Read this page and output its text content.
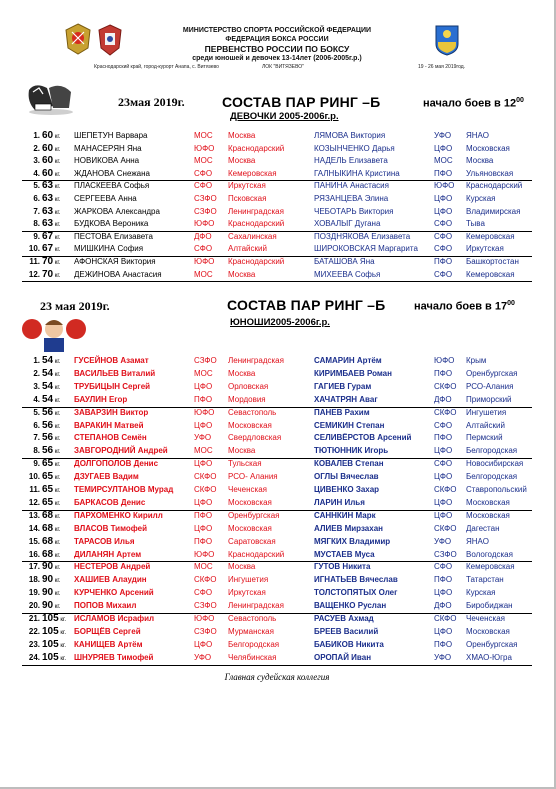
МИНИСТЕРСТВО СПОРТА РОССИЙСКОЙ ФЕДЕРАЦИИ
ФЕДЕРАЦИЯ БОКСА РОССИИ
ПЕРВЕНСТВО РОССИИ ПО БОКСУ
среди юношей и девочек 13-14лет (2006-2005г.р.)
Краснодарский край, город-курорт Анапа, с. Витязево	ЛОК "ВИТЯЗЕВО"	19 - 26 мая 2019год.
23мая 2019г.	СОСТАВ ПАР РИНГ –Б
ДЕВОЧКИ 2005-2006г.р.
начало боев в $12^{00}$
1. 60 кг. ШЕПЕТУН Варвара	МОС Москва	ЛЯМОВА Виктория	УФО ЯНАО
2. 60 кг. МАНАСЕРЯН Яна	ЮФО Краснодарский	КОЗЫНЧЕНКО Дарья	ЦФО Московская
3. 60 кг. НОВИКОВА Анна	МОС Москва	НАДЕЛЬ Елизавета	МОС Москва
4. 60 кг. ЖДАНОВА Снежана	СФО Кемеровская	ГАЛНЫКИНА Кристина	ПФО Ульяновская
5. 63 кг. ПЛАСКЕЕВА Софья	СФО Иркутская	ПАНИНА Анастасия	ЮФО Краснодарский
6. 63 кг. СЕРГЕЕВА Анна	СЗФО Псковская	РЯЗАНЦЕВА Элина	ЦФО Курская
7. 63 кг. ЖАРКОВА Александра	СЗФО Ленинградская	ЧЕБОТАРЬ Виктория	ЦФО Владимирская
8. 63 кг. БУДКОВА Вероника	ЮФО Краснодарский	ХОВАЛЫГ Дугана	СФО Тыва
9. 67 кг. ПЕСТОВА Елизавета	ДФО Сахалинская	ПОЗДНЯКОВА Елизавета	СФО Кемеровская
10. 67 кг. МИШКИНА София	СФО Алтайский	ШИРОКОВСКАЯ Маргарита СФО Иркутская
11. 70 кг. АФОНСКАЯ Виктория	ЮФО Краснодарский	БАТАШОВА Яна	ПФО Башкортостан
12. 70 кг. ДЕЖИНОВА Анастасия	МОС Москва	МИХЕЕВА Софья	СФО Кемеровская
23 мая 2019г.	СОСТАВ ПАР РИНГ –Б
ЮНОШИ2005-2006г.р.
начало боев в $17^{00}$
1. 54 кг. ГУСЕЙНОВ Азамат	СЗФО Ленинградская	САМАРИН Артём	ЮФО Крым
2. 54 кг. ВАСИЛЬЕВ Виталий	МОС Москва	КИРИМБАЕВ Роман	ПФО Оренбургская
3. 54 кг. ТРУБИЦЫН Сергей	ЦФО Орловская	ГАГИЕВ Гурам	СКФО РСО-Алания
4. 54 кг. БАУЛИН Егор	ПФО Мордовия	ХАЧАТРЯН Аваг	ДФО Приморский
5. 56 кг. ЗАВАРЗИН Виктор	ЮФО Севастополь	ПАНЕВ Рахим	СКФО Ингушетия
6. 56 кг. ВАРАКИН Матвей	ЦФО Московская	СЕМИКИН Степан	СФО Алтайский
7. 56 кг. СТЕПАНОВ Семён	УФО Свердловская	СЕЛИВЁРСТОВ Арсений	ПФО Пермский
8. 56 кг. ЗАВГОРОДНИЙ Андрей	МОС Москва	ТЮТЮННИК Игорь	ЦФО Белгородская
9. 65 кг. ДОЛГОПОЛОВ Денис	ЦФО Тульская	КОВАЛЕВ Степан	СФО Новосибирская
10. 65 кг. ДЗУГАЕВ Вадим	СКФО РСО- Алания	ОГЛЫ Вячеслав	ЦФО Белгородская
11. 65 кг. ТЕМИРСУЛТАНОВ Мурад	СКФО Чеченская	ЦИВЕНКО Захар	СКФО Ставропольский
12. 65 кг. БАРКАСОВ Денис	ЦФО Московская	ЛАРИН Илья	ЦФО Московская
13. 68 кг. ПАРХОМЕНКО Кирилл	ПФО Оренбургская	САННКИН Марк	ЦФО Московская
14. 68 кг. ВЛАСОВ Тимофей	ЦФО Московская	АЛИЕВ Мирзахан	СКФО Дагестан
15. 68 кг. ТАРАСОВ Илья	ПФО Саратовская	МЯГКИХ Владимир	УФО ЯНАО
16. 68 кг. ДИЛАНЯН Артем	ЮФО Краснодарский	МУСТАЕВ Муса	СЗФО Вологодская
17. 90 кг. НЕСТЕРОВ Андрей	МОС Москва	ГУТОВ Никита	СФО Кемеровская
18. 90 кг. ХАШИЕВ Алаудин	СКФО Ингушетия	ИГНАТЬЕВ Вячеслав	ПФО Татарстан
19. 90 кг. КУРЧЕНКО Арсений	СФО Иркутская	ТОЛСТОПЯТЫХ Олег	ЦФО Курская
20. 90 кг. ПОПОВ Михаил	СЗФО Ленинградская	ВАЩЕНКО Руслан	ДФО Биробиджан
21. 105 кг. ИСЛАМОВ Исрафил	ЮФО Севастополь	РАСУЕВ Ахмад	СКФО Чеченская
22. 105 кг. БОРЩЁВ Сергей	СЗФО Мурманская	БРЕЕВ Василий	ЦФО Московская
23. 105 кг. КАНИЩЕВ Артём	ЦФО Белгородская	БАБИКОВ Никита	ПФО Оренбургская
24. 105 кг. ШНУРЯЕВ Тимофей	УФО Челябинская	ОРОПАЙ Иван	УФО ХМАО-Югра
Главная судейская коллегия
